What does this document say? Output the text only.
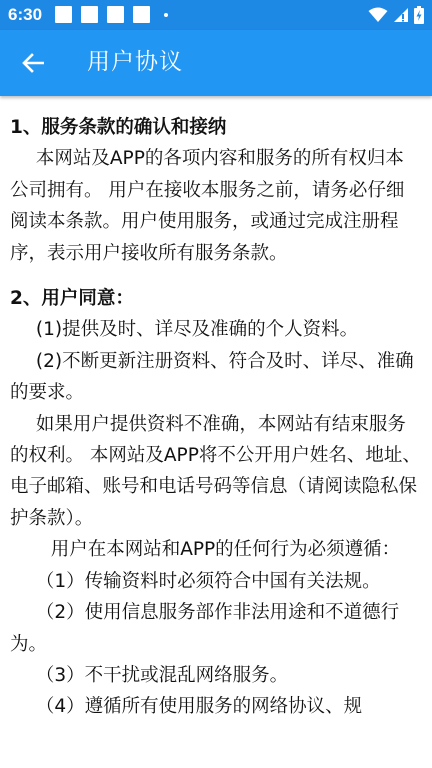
6:30
用户协议

1、服务条款的确认和接纳

本网站及APP的各项内容和服务的所有权归本公司拥有。 用户在接收本服务之前，请务必仔细阅读本条款。用户使用服务，或通过完成注册程序，表示用户接收所有服务条款。

2、用户同意：

(1)提供及时、详尽及准确的个人资料。

(2)不断更新注册资料、符合及时、详尽、准确的要求。

如果用户提供资料不准确，本网站有结束服务的权利。 本网站及APP将不公开用户姓名、地址、电子邮箱、账号和电话号码等信息（请阅读隐私保护条款）。

用户在本网站和APP的任何行为必须遵循：

（1）传输资料时必须符合中国有关法规。

（2）使用信息服务部作非法用途和不道德行为。

（3）不干扰或混乱网络服务。

（4）遵循所有使用服务的网络协议、规
